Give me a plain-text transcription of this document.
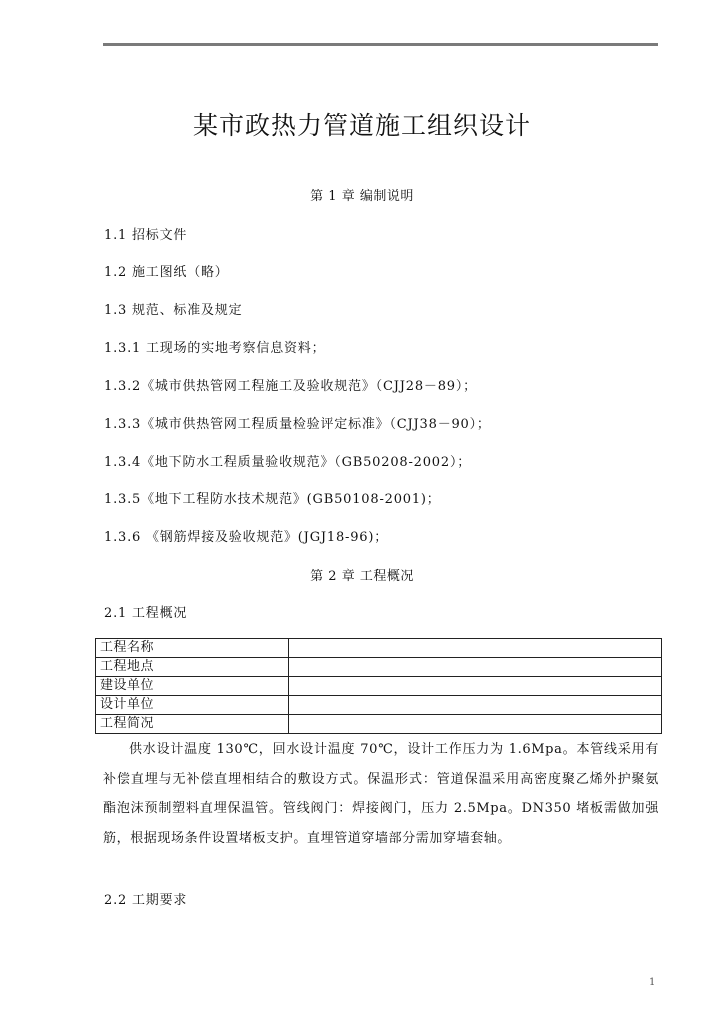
某市政热力管道施工组织设计
第 1 章 编制说明
1.1 招标文件
1.2 施工图纸（略）
1.3 规范、标准及规定
1.3.1 工现场的实地考察信息资料；
1.3.2《城市供热管网工程施工及验收规范》（CJJ28－89）；
1.3.3《城市供热管网工程质量检验评定标准》（CJJ38－90）；
1.3.4《地下防水工程质量验收规范》（GB50208-2002）；
1.3.5《地下工程防水技术规范》(GB50108-2001)；
1.3.6 《钢筋焊接及验收规范》(JGJ18-96)；
第 2 章 工程概况
2.1 工程概况
工程名称	
工程地点	
建设单位	
设计单位	
工程简况	
供水设计温度 130℃，回水设计温度 70℃，设计工作压力为 1.6Mpa。本管线采用有补偿直埋与无补偿直埋相结合的敷设方式。保温形式：管道保温采用高密度聚乙烯外护聚氨酯泡沫预制塑料直埋保温管。管线阀门：焊接阀门，压力 2.5Mpa。DN350 堵板需做加强筋，根据现场条件设置堵板支护。直埋管道穿墙部分需加穿墙套轴。
2.2 工期要求
1
